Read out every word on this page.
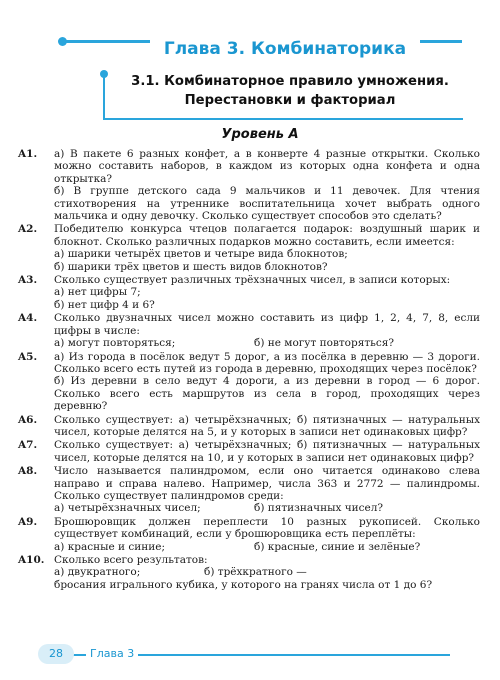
Глава 3. Комбинаторика
3.1. Комбинаторное правило умножения.
Перестановки и факториал
Уровень А
A1.	а) В пакете 6 разных конфет, а в конверте 4 разные открытки. Сколько можно составить наборов, в каждом из которых одна конфета и одна открытка?

б) В группе детского сада 9 мальчиков и 11 девочек. Для чтения стихотворения на утреннике воспитательница хочет выбрать одного мальчика и одну девочку. Сколько существует способов это сделать?

A2.	Победителю конкурса чтецов полагается подарок: воздушный шарик и блокнот. Сколько различных подарков можно составить, если имеется:

а) шарики четырёх цветов и четыре вида блокнотов;

б) шарики трёх цветов и шесть видов блокнотов?

A3.	Сколько существует различных трёхзначных чисел, в записи которых:

а) нет цифры 7;

б) нет цифр 4 и 6?

A4.	Сколько двузначных чисел можно составить из цифр 1, 2, 4, 7, 8, если цифры в числе:

а) могут повторяться;	б) не могут повторяться?
A5.	а) Из города в посёлок ведут 5 дорог, а из посёлка в деревню — 3 дороги. Сколько всего есть путей из города в деревню, проходящих через посёлок?

б) Из деревни в село ведут 4 дороги, а из деревни в город — 6 дорог. Сколько всего есть маршрутов из села в город, проходящих через деревню?

A6.	Сколько существует: а) четырёхзначных; б) пятизначных — натуральных чисел, которые делятся на 5, и у которых в записи нет одинаковых цифр?

A7.	Сколько существует: а) четырёхзначных; б) пятизначных — натуральных чисел, которые делятся на 10, и у которых в записи нет одинаковых цифр?

A8.	Число называется палиндромом, если оно читается одинаково слева направо и справа налево. Например, числа 363 и 2772 — палиндромы. Сколько существует палиндромов среди:

а) четырёхзначных чисел;	б) пятизначных чисел?
A9.	Брошюровщик должен переплести 10 разных рукописей. Сколько существует комбинаций, если у брошюровщика есть переплёты:

а) красные и синие;	б) красные, синие и зелёные?
A10. Сколько всего результатов:

а) двукратного;	б) трёхкратного —

бросания игрального кубика, у которого на гранях числа от 1 до 6?

28	Глава 3
